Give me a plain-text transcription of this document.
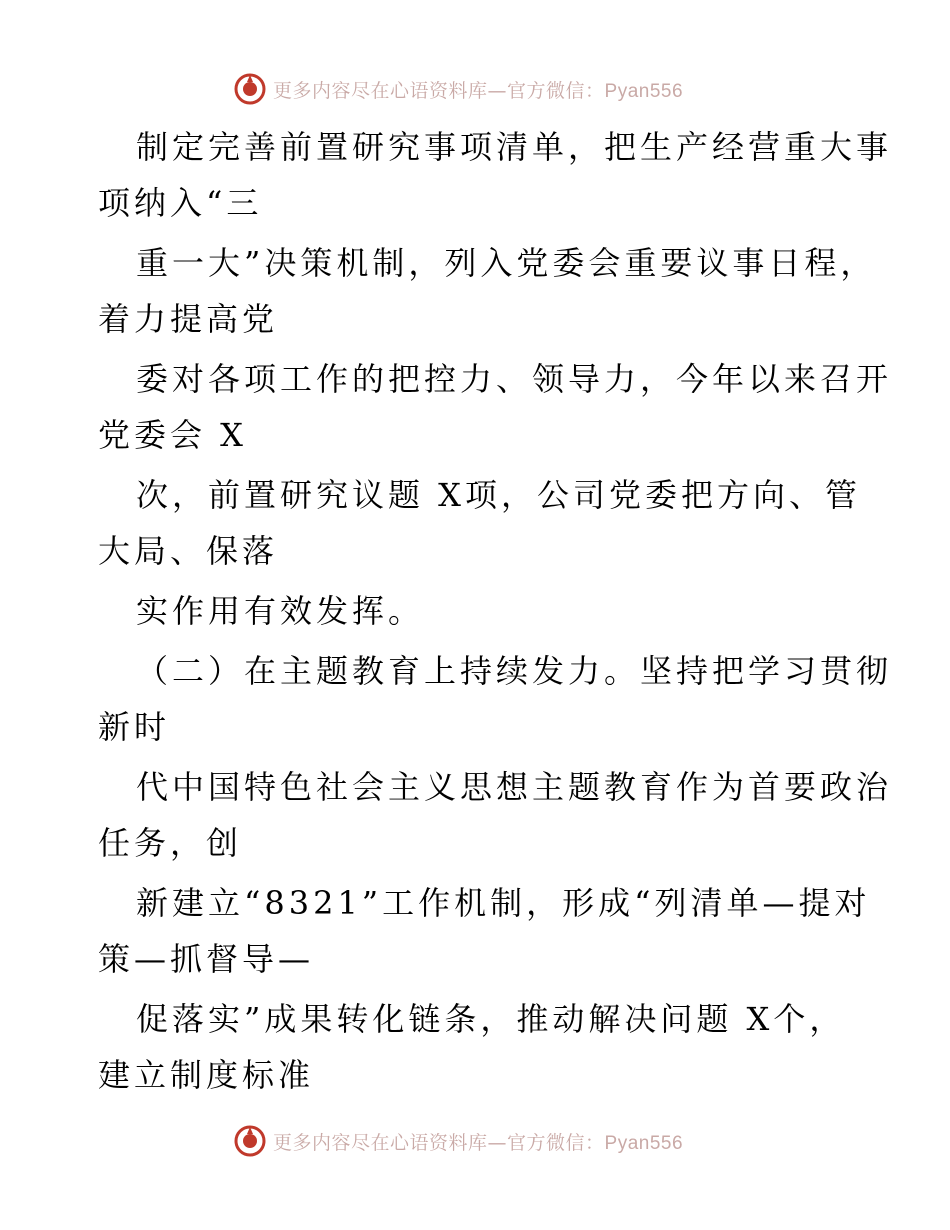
更多内容尽在心语资料库—官方微信：Pyan556
制定完善前置研究事项清单，把生产经营重大事
项纳入“三
重一大”决策机制，列入党委会重要议事日程，
着力提高党
委对各项工作的把控力、领导力，今年以来召开
党委会 X
次，前置研究议题 X项，公司党委把方向、管
大局、保落
实作用有效发挥。
（二）在主题教育上持续发力。坚持把学习贯彻
新时
代中国特色社会主义思想主题教育作为首要政治
任务，创
新建立“8321”工作机制，形成“列清单—提对
策—抓督导—
促落实”成果转化链条，推动解决问题 X个，
建立制度标准
更多内容尽在心语资料库—官方微信：Pyan556
